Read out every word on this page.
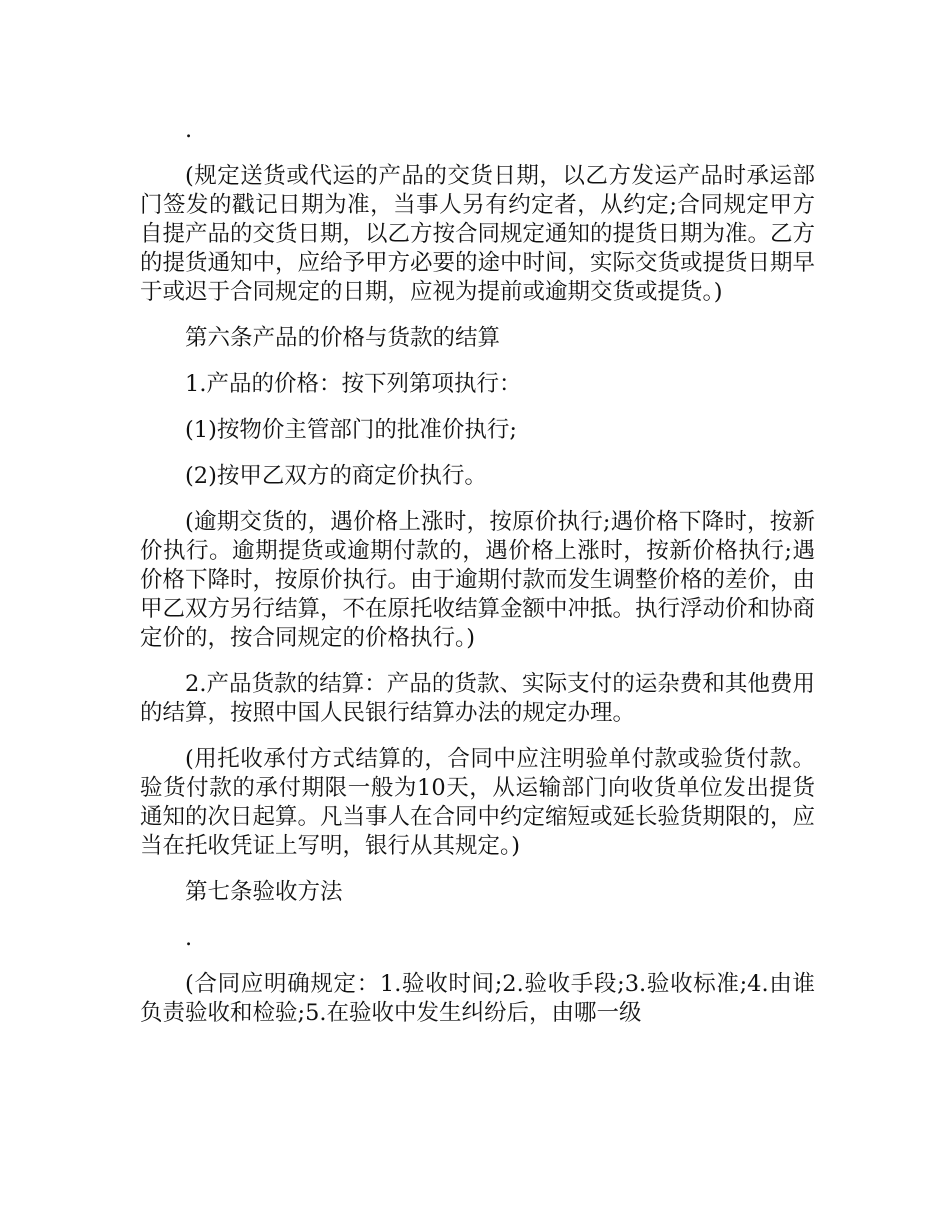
.

(规定送货或代运的产品的交货日期，以乙方发运产品时承运部门签发的戳记日期为准，当事人另有约定者，从约定;合同规定甲方自提产品的交货日期，以乙方按合同规定通知的提货日期为准。乙方的提货通知中，应给予甲方必要的途中时间，实际交货或提货日期早于或迟于合同规定的日期，应视为提前或逾期交货或提货。)

第六条产品的价格与货款的结算

1.产品的价格：按下列第项执行：

(1)按物价主管部门的批准价执行;

(2)按甲乙双方的商定价执行。

(逾期交货的，遇价格上涨时，按原价执行;遇价格下降时，按新价执行。逾期提货或逾期付款的，遇价格上涨时，按新价格执行;遇价格下降时，按原价执行。由于逾期付款而发生调整价格的差价，由甲乙双方另行结算，不在原托收结算金额中冲抵。执行浮动价和协商定价的，按合同规定的价格执行。)

2.产品货款的结算：产品的货款、实际支付的运杂费和其他费用的结算，按照中国人民银行结算办法的规定办理。

(用托收承付方式结算的，合同中应注明验单付款或验货付款。验货付款的承付期限一般为10天，从运输部门向收货单位发出提货通知的次日起算。凡当事人在合同中约定缩短或延长验货期限的，应当在托收凭证上写明，银行从其规定。)

第七条验收方法

.

(合同应明确规定：1.验收时间;2.验收手段;3.验收标准;4.由谁负责验收和检验;5.在验收中发生纠纷后，由哪一级
